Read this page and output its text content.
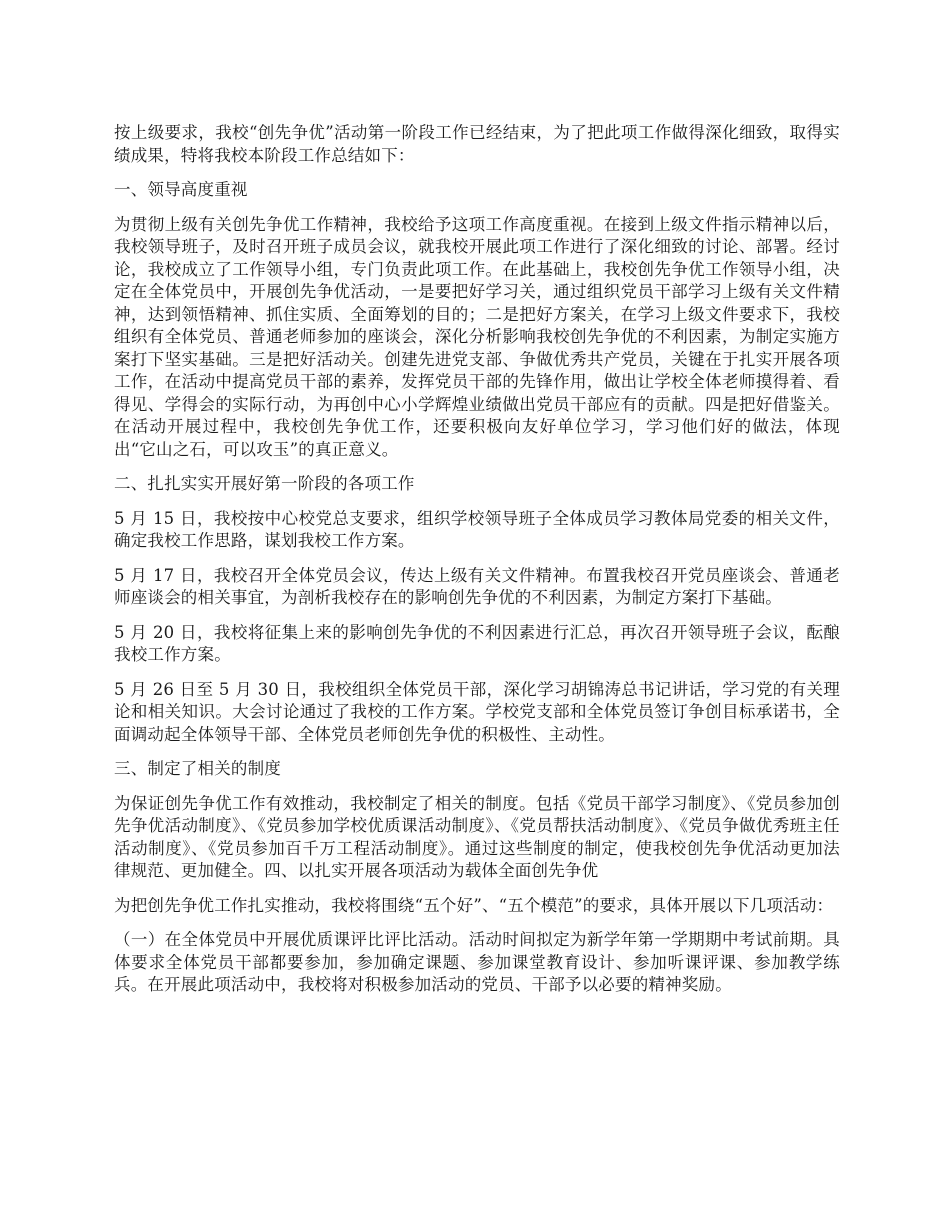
按上级要求，我校“创先争优”活动第一阶段工作已经结束，为了把此项工作做得深化细致，取得实绩成果，特将我校本阶段工作总结如下：

一、领导高度重视

为贯彻上级有关创先争优工作精神，我校给予这项工作高度重视。在接到上级文件指示精神以后，我校领导班子，及时召开班子成员会议，就我校开展此项工作进行了深化细致的讨论、部署。经讨论，我校成立了工作领导小组，专门负责此项工作。在此基础上，我校创先争优工作领导小组，决定在全体党员中，开展创先争优活动，一是要把好学习关，通过组织党员干部学习上级有关文件精神，达到领悟精神、抓住实质、全面筹划的目的；二是把好方案关，在学习上级文件要求下，我校组织有全体党员、普通老师参加的座谈会，深化分析影响我校创先争优的不利因素，为制定实施方案打下坚实基础。三是把好活动关。创建先进党支部、争做优秀共产党员，关键在于扎实开展各项工作，在活动中提高党员干部的素养，发挥党员干部的先锋作用，做出让学校全体老师摸得着、看得见、学得会的实际行动，为再创中心小学辉煌业绩做出党员干部应有的贡献。四是把好借鉴关。在活动开展过程中，我校创先争优工作，还要积极向友好单位学习，学习他们好的做法，体现出“它山之石，可以攻玉”的真正意义。

二、扎扎实实开展好第一阶段的各项工作

5 月 15 日，我校按中心校党总支要求，组织学校领导班子全体成员学习教体局党委的相关文件，确定我校工作思路，谋划我校工作方案。

5 月 17 日，我校召开全体党员会议，传达上级有关文件精神。布置我校召开党员座谈会、普通老师座谈会的相关事宜，为剖析我校存在的影响创先争优的不利因素，为制定方案打下基础。

5 月 20 日，我校将征集上来的影响创先争优的不利因素进行汇总，再次召开领导班子会议，酝酿我校工作方案。

5 月 26 日至 5 月 30 日，我校组织全体党员干部，深化学习胡锦涛总书记讲话，学习党的有关理论和相关知识。大会讨论通过了我校的工作方案。学校党支部和全体党员签订争创目标承诺书，全面调动起全体领导干部、全体党员老师创先争优的积极性、主动性。

三、制定了相关的制度

为保证创先争优工作有效推动，我校制定了相关的制度。包括《党员干部学习制度》、《党员参加创先争优活动制度》、《党员参加学校优质课活动制度》、《党员帮扶活动制度》、《党员争做优秀班主任活动制度》、《党员参加百千万工程活动制度》。通过这些制度的制定，使我校创先争优活动更加法律规范、更加健全。四、以扎实开展各项活动为载体全面创先争优

为把创先争优工作扎实推动，我校将围绕“五个好”、“五个模范”的要求，具体开展以下几项活动：

（一）在全体党员中开展优质课评比评比活动。活动时间拟定为新学年第一学期期中考试前期。具体要求全体党员干部都要参加，参加确定课题、参加课堂教育设计、参加听课评课、参加教学练兵。在开展此项活动中，我校将对积极参加活动的党员、干部予以必要的精神奖励。
